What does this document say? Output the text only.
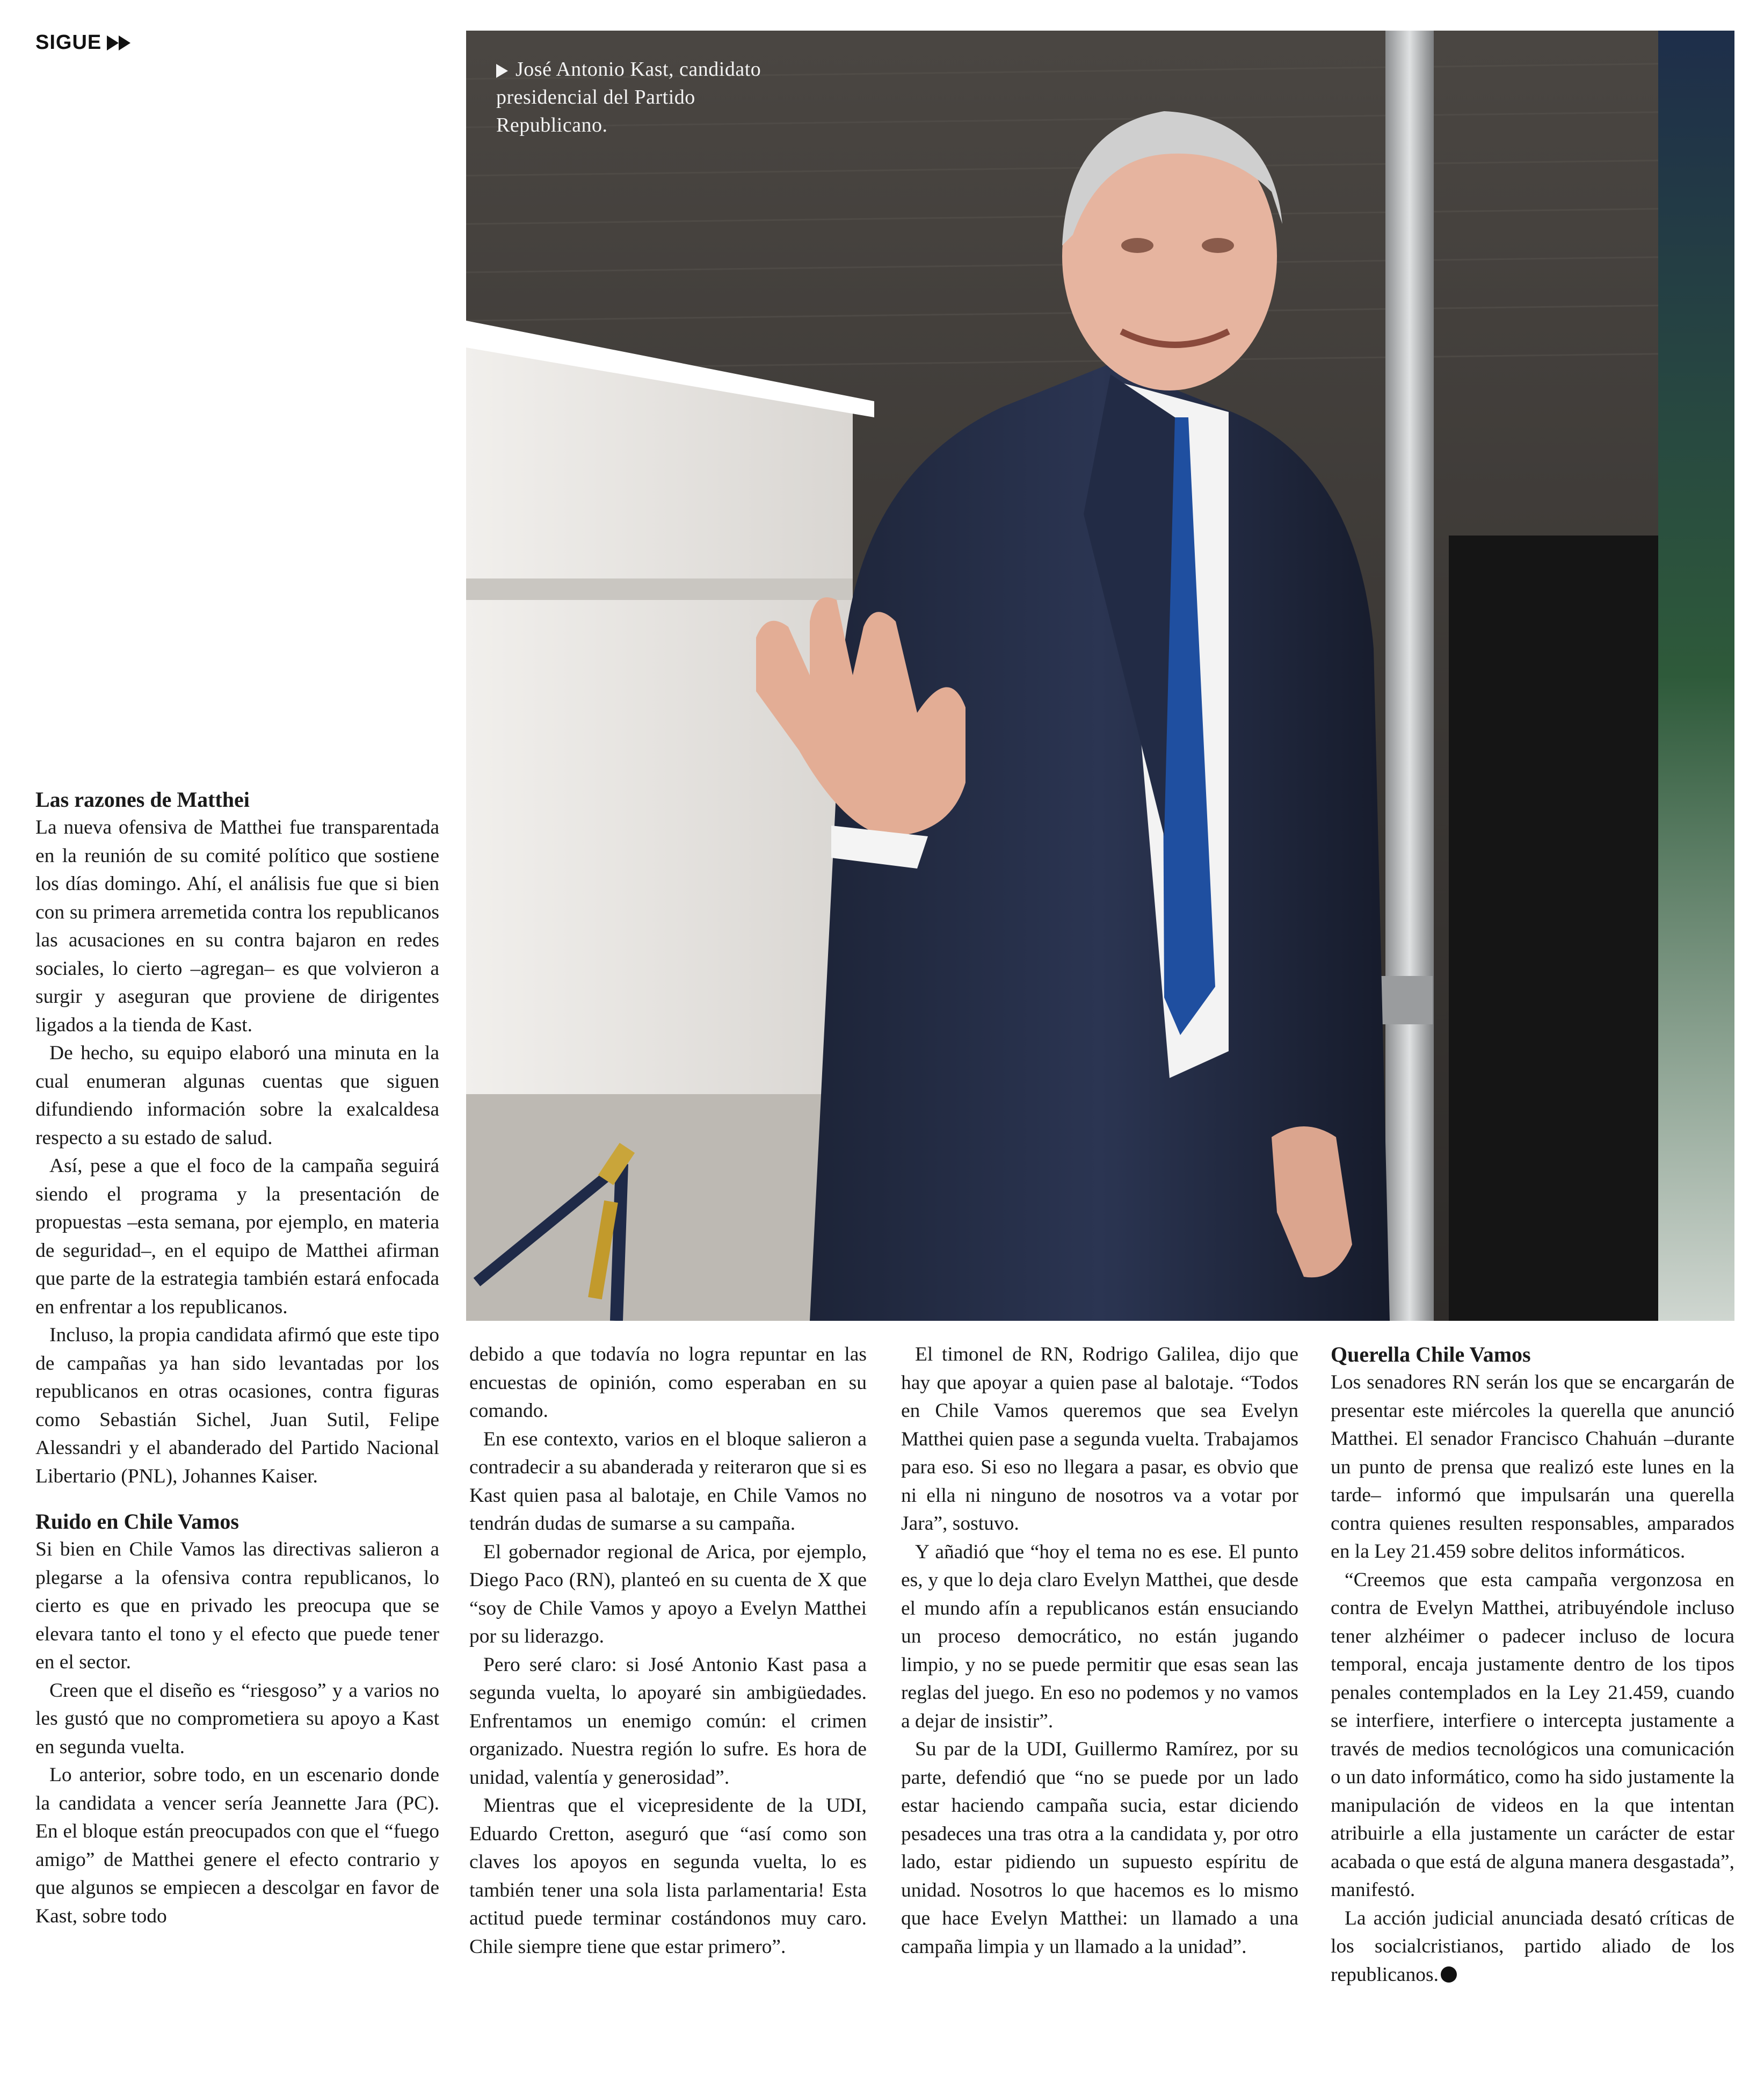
SIGUE
José Antonio Kast, candidato presidencial del Partido Republicano.
Las razones de Matthei

La nueva ofensiva de Matthei fue transparentada en la reunión de su comité político que sostiene los días domingo. Ahí, el análisis fue que si bien con su primera arremetida contra los republicanos las acusaciones en su contra bajaron en redes sociales, lo cierto –agregan– es que volvieron a surgir y aseguran que proviene de dirigentes ligados a la tienda de Kast.

De hecho, su equipo elaboró una minuta en la cual enumeran algunas cuentas que siguen difundiendo información sobre la exalcaldesa respecto a su estado de salud.

Así, pese a que el foco de la campaña seguirá siendo el programa y la presentación de propuestas –esta semana, por ejemplo, en materia de seguridad–, en el equipo de Matthei afirman que parte de la estrategia también estará enfocada en enfrentar a los republicanos.

Incluso, la propia candidata afirmó que este tipo de campañas ya han sido levantadas por los republicanos en otras ocasiones, contra figuras como Sebastián Sichel, Juan Sutil, Felipe Alessandri y el abanderado del Partido Nacional Libertario (PNL), Johannes Kaiser.

Ruido en Chile Vamos

Si bien en Chile Vamos las directivas salieron a plegarse a la ofensiva contra republicanos, lo cierto es que en privado les preocupa que se elevara tanto el tono y el efecto que puede tener en el sector.

Creen que el diseño es “riesgoso” y a varios no les gustó que no comprometiera su apoyo a Kast en segunda vuelta.

Lo anterior, sobre todo, en un escenario donde la candidata a vencer sería Jeannette Jara (PC). En el bloque están preocupados con que el “fuego amigo” de Matthei genere el efecto contrario y que algunos se empiecen a descolgar en favor de Kast, sobre todo

debido a que todavía no logra repuntar en las encuestas de opinión, como esperaban en su comando.

En ese contexto, varios en el bloque salieron a contradecir a su abanderada y reiteraron que si es Kast quien pasa al balotaje, en Chile Vamos no tendrán dudas de sumarse a su campaña.

El gobernador regional de Arica, por ejemplo, Diego Paco (RN), planteó en su cuenta de X que “soy de Chile Vamos y apoyo a Evelyn Matthei por su liderazgo.

Pero seré claro: si José Antonio Kast pasa a segunda vuelta, lo apoyaré sin ambigüedades. Enfrentamos un enemigo común: el crimen organizado. Nuestra región lo sufre. Es hora de unidad, valentía y generosidad”.

Mientras que el vicepresidente de la UDI, Eduardo Cretton, aseguró que “así como son claves los apoyos en segunda vuelta, lo es también tener una sola lista parlamentaria! Esta actitud puede terminar costándonos muy caro. Chile siempre tiene que estar primero”.

El timonel de RN, Rodrigo Galilea, dijo que hay que apoyar a quien pase al balotaje. “Todos en Chile Vamos queremos que sea Evelyn Matthei quien pase a segunda vuelta. Trabajamos para eso. Si eso no llegara a pasar, es obvio que ni ella ni ninguno de nosotros va a votar por Jara”, sostuvo.

Y añadió que “hoy el tema no es ese. El punto es, y que lo deja claro Evelyn Matthei, que desde el mundo afín a republicanos están ensuciando un proceso democrático, no están jugando limpio, y no se puede permitir que esas sean las reglas del juego. En eso no podemos y no vamos a dejar de insistir”.

Su par de la UDI, Guillermo Ramírez, por su parte, defendió que “no se puede por un lado estar haciendo campaña sucia, estar diciendo pesadeces una tras otra a la candidata y, por otro lado, estar pidiendo un supuesto espíritu de unidad. Nosotros lo que hacemos es lo mismo que hace Evelyn Matthei: un llamado a una campaña limpia y un llamado a la unidad”.

Querella Chile Vamos

Los senadores RN serán los que se encargarán de presentar este miércoles la querella que anunció Matthei. El senador Francisco Chahuán –durante un punto de prensa que realizó este lunes en la tarde– informó que impulsarán una querella contra quienes resulten responsables, amparados en la Ley 21.459 sobre delitos informáticos.

“Creemos que esta campaña vergonzosa en contra de Evelyn Matthei, atribuyéndole incluso tener alzhéimer o padecer incluso de locura temporal, encaja justamente dentro de los tipos penales contemplados en la Ley 21.459, cuando se interfiere, interfiere o intercepta justamente a través de medios tecnológicos una comunicación o un dato informático, como ha sido justamente la manipulación de videos en la que intentan atribuirle a ella justamente un carácter de estar acabada o que está de alguna manera desgastada”, manifestó.

La acción judicial anunciada desató críticas de los socialcristianos, partido aliado de los republicanos.
